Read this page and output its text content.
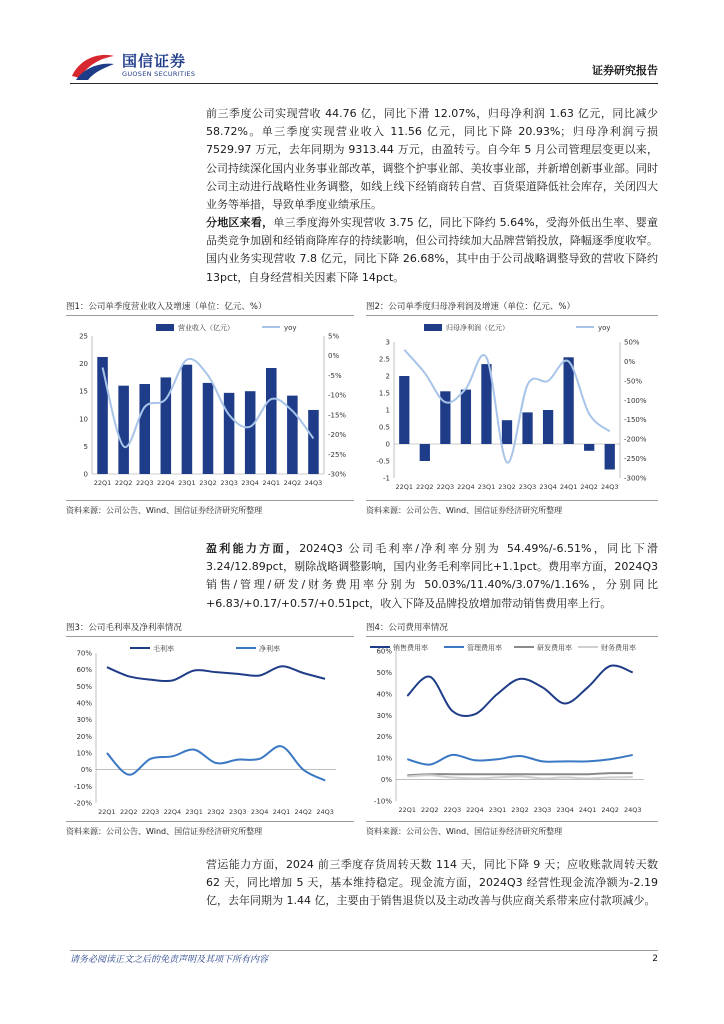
国信证券
GUOSEN SECURITIES	证券研究报告
前三季度公司实现营收 44.76 亿，同比下滑 12.07%，归母净利润 1.63 亿元，同比减少 58.72%。单三季度实现营业收入 11.56 亿元，同比下降 20.93%；归母净利润亏损 7529.97 万元，去年同期为 9313.44 万元，由盈转亏。自今年 5 月公司管理层变更以来，公司持续深化国内业务事业部改革，调整个护事业部、美妆事业部，并新增创新事业部。同时公司主动进行战略性业务调整，如线上线下经销商转自营、百货渠道降低社会库存，关闭四大业务等举措，导致单季度业绩承压。
分地区来看，单三季度海外实现营收 3.75 亿，同比下降约 5.64%，受海外低出生率、婴童品类竞争加剧和经销商降库存的持续影响，但公司持续加大品牌营销投放，降幅逐季度收窄。国内业务实现营收 7.8 亿元，同比下降 26.68%，其中由于公司战略调整导致的营收下降约 13pct，自身经营相关因素下降 14pct。
图1：公司单季度营业收入及增速（单位：亿元、%）
0
5
10
15
20
25
-30%
-25%
-20%
-15%
-10%
-5%
0%
5%
22Q1 22Q2 22Q3 22Q4 23Q1 23Q2 23Q3 23Q4 24Q1 24Q2 24Q3
营业收入（亿元）	yoy
资料来源：公司公告、Wind、国信证券经济研究所整理
图2：公司单季度归母净利润及增速（单位：亿元、%）
-1
-0.5
0
0.5
1
1.5
2
2.5
3
-300%
-250%
-200%
-150%
-100%
-50%
0%
50%
22Q1 22Q2 22Q3 22Q4 23Q1 23Q2 23Q3 23Q4 24Q1 24Q2 24Q3
归母净利润（亿元）	yoy
资料来源：公司公告、Wind、国信证券经济研究所整理
盈利能力方面，2024Q3 公司毛利率/净利率分别为 54.49%/-6.51%，同比下滑 3.24/12.89pct，剔除战略调整影响，国内业务毛利率同比+1.1pct。费用率方面，2024Q3 销售/管理/研发/财务费用率分别为 50.03%/11.40%/3.07%/1.16%，分别同比+6.83/+0.17/+0.57/+0.51pct，收入下降及品牌投放增加带动销售费用率上行。
图3：公司毛利率及净利率情况
-20%
-10%
0%
10%
20%
30%
40%
50%
60%
70%
毛利率	净利率
22Q1 22Q2 22Q3 22Q4 23Q1 23Q2 23Q3 23Q4 24Q1 24Q2 24Q3
资料来源：公司公告、Wind、国信证券经济研究所整理
图4：公司费用率情况
-10%
0%
10%
20%
30%
40%
50%
60% 销售费用率	管理费用率	研发费用率	财务费用率
22Q1 22Q2 22Q3 22Q4 23Q1 23Q2 23Q3 23Q4 24Q1 24Q2 24Q3
资料来源：公司公告、Wind、国信证券经济研究所整理
营运能力方面，2024 前三季度存货周转天数 114 天，同比下降 9 天；应收账款周转天数 62 天，同比增加 5 天，基本维持稳定。现金流方面，2024Q3 经营性现金流净额为-2.19 亿，去年同期为 1.44 亿，主要由于销售退货以及主动改善与供应商关系带来应付款项减少。
请务必阅读正文之后的免责声明及其项下所有内容	2
